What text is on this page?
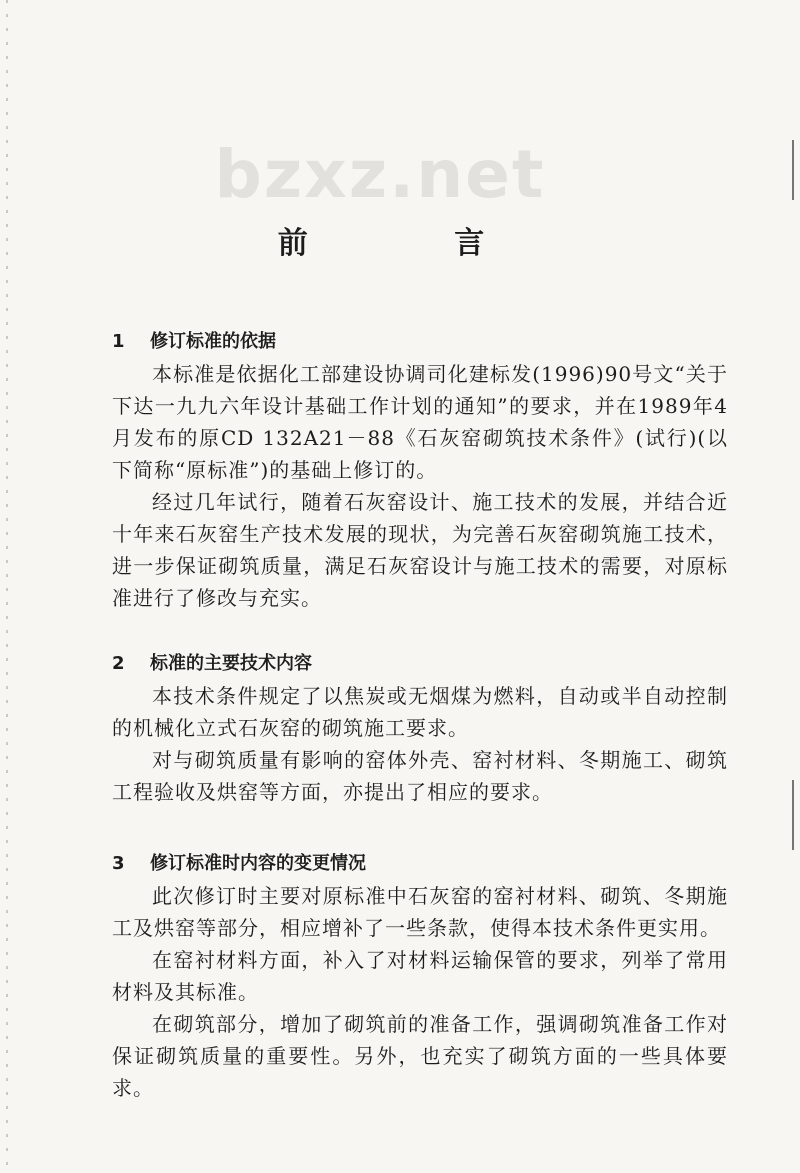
bzxz.net
前 言
1 修订标准的依据

本标准是依据化工部建设协调司化建标发(1996)90号文“关于下达一九九六年设计基础工作计划的通知”的要求，并在1989年4月发布的原CD 132A21－88《石灰窑砌筑技术条件》(试行)(以下简称“原标准”)的基础上修订的。

经过几年试行，随着石灰窑设计、施工技术的发展，并结合近十年来石灰窑生产技术发展的现状，为完善石灰窑砌筑施工技术，进一步保证砌筑质量，满足石灰窑设计与施工技术的需要，对原标准进行了修改与充实。

2 标准的主要技术内容

本技术条件规定了以焦炭或无烟煤为燃料，自动或半自动控制的机械化立式石灰窑的砌筑施工要求。

对与砌筑质量有影响的窑体外壳、窑衬材料、冬期施工、砌筑工程验收及烘窑等方面，亦提出了相应的要求。

3 修订标准时内容的变更情况

此次修订时主要对原标准中石灰窑的窑衬材料、砌筑、冬期施工及烘窑等部分，相应增补了一些条款，使得本技术条件更实用。

在窑衬材料方面，补入了对材料运输保管的要求，列举了常用材料及其标准。

在砌筑部分，增加了砌筑前的准备工作，强调砌筑准备工作对保证砌筑质量的重要性。另外，也充实了砌筑方面的一些具体要求。
